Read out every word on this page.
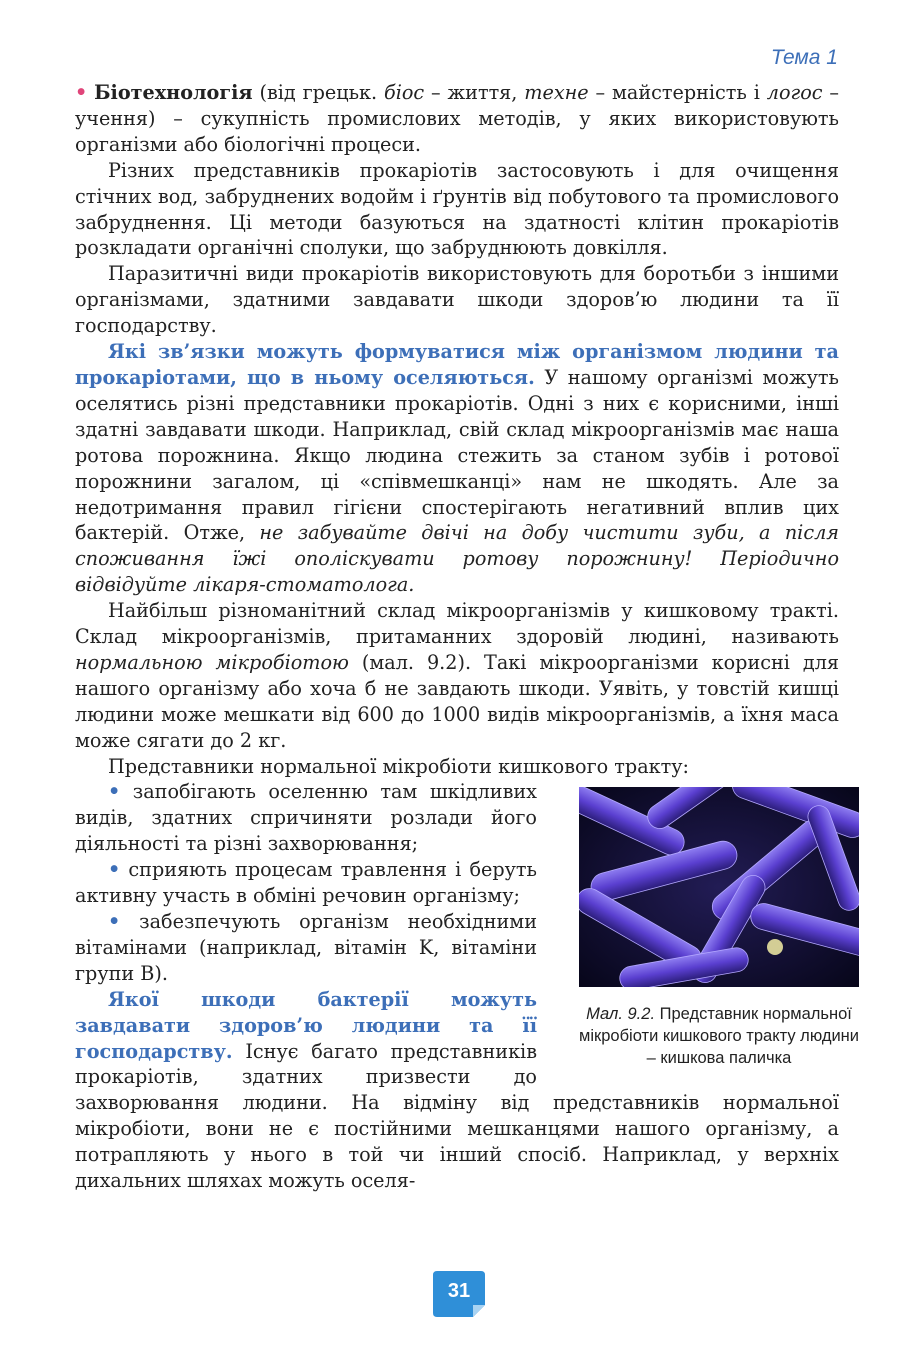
Тема 1

• Біотехнологія (від грецьк. біос – життя, техне – майстерність і логос – учення) – сукупність промислових методів, у яких використовують організми або біологічні процеси.

Різних представників прокаріотів застосовують і для очищення стічних вод, забруднених водойм і ґрунтів від побутового та промислового забруднення. Ці методи базуються на здатності клітин прокаріотів розкладати органічні сполуки, що забруднюють довкілля.

Паразитичні види прокаріотів використовують для боротьби з іншими організмами, здатними завдавати шкоди здоров’ю людини та її господарству.

Які зв’язки можуть формуватися між організмом людини та прокаріотами, що в ньому оселяються. У нашому організмі можуть оселятись різні представники прокаріотів. Одні з них є корисними, інші здатні завдавати шкоди. Наприклад, свій склад мікроорганізмів має наша ротова порожнина. Якщо людина стежить за станом зубів і ротової порожнини загалом, ці «співмешканці» нам не шкодять. Але за недотримання правил гігієни спостерігають негативний вплив цих бактерій. Отже, не забувайте двічі на добу чистити зуби, а після споживання їжі ополіскувати ротову порожнину! Періодично відвідуйте лікаря-стоматолога.

Найбільш різноманітний склад мікроорганізмів у кишковому тракті. Склад мікроорганізмів, притаманних здоровій людині, називають нормальною мікробіотою (мал. 9.2). Такі мікроорганізми корисні для нашого організму або хоча б не завдають шкоди. Уявіть, у товстій кишці людини може мешкати від 600 до 1000 видів мікроорганізмів, а їхня маса може сягати до 2 кг.

Представники нормальної мікробіоти кишкового тракту:

Мал. 9.2. Представник нормальної мікробіоти кишкового тракту людини – кишкова паличка

• запобігають оселенню там шкідливих видів, здатних спричиняти розлади його діяльності та різні захворювання;

• сприяють процесам травлення і беруть активну участь в обміні речовин організму;

• забезпечують організм необхідними вітамінами (наприклад, вітамін K, вітаміни групи B).

Якої шкоди бактерії можуть завдавати здоров’ю людини та її господарству. Існує багато представників прокаріотів, здатних призвести до захворювання людини. На відміну від представників нормальної мікробіоти, вони не є постійними мешканцями нашого організму, а потрапляють у нього в той чи інший спосіб. Наприклад, у верхніх дихальних шляхах можуть оселя-

31
